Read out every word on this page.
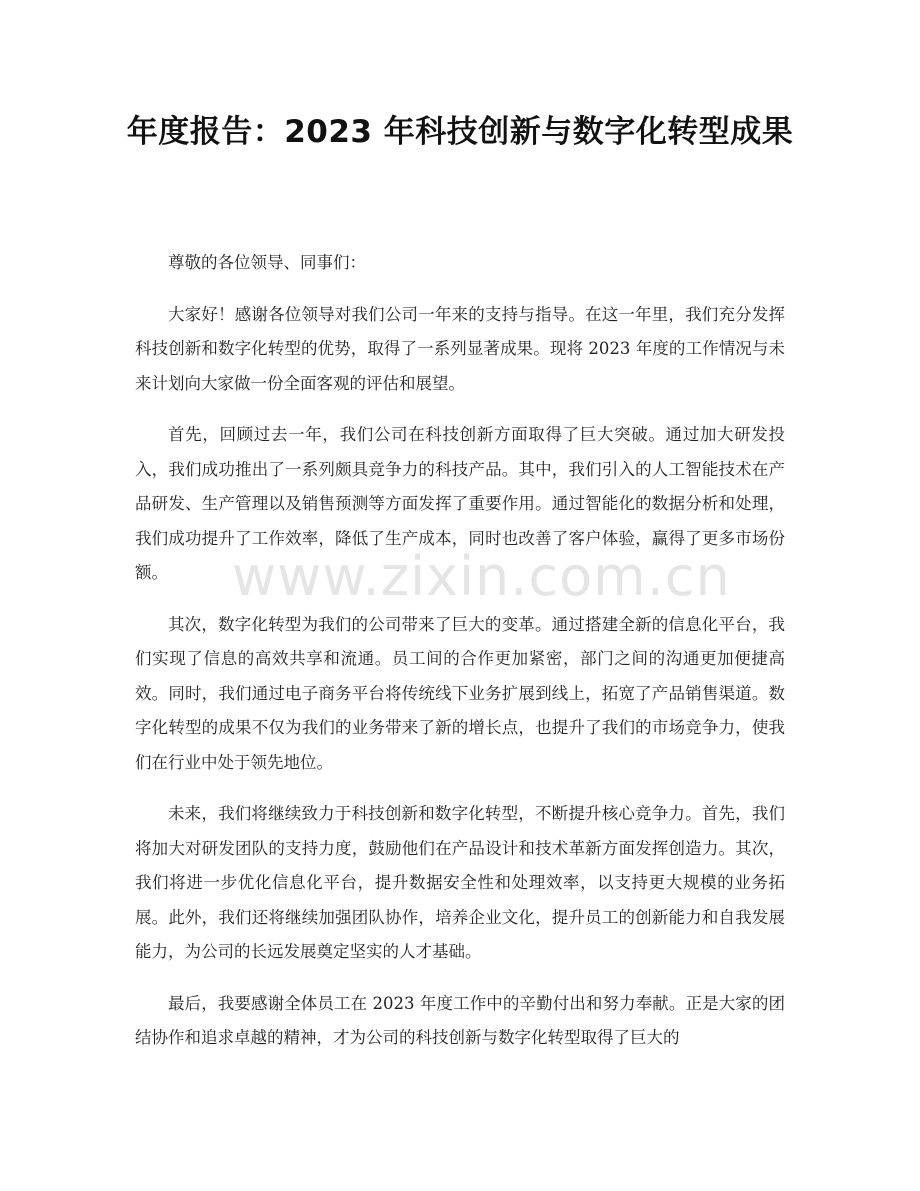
年度报告：2023 年科技创新与数字化转型成果

尊敬的各位领导、同事们：

大家好！感谢各位领导对我们公司一年来的支持与指导。在这一年里，我们充分发挥科技创新和数字化转型的优势，取得了一系列显著成果。现将 2023 年度的工作情况与未来计划向大家做一份全面客观的评估和展望。

首先，回顾过去一年，我们公司在科技创新方面取得了巨大突破。通过加大研发投入，我们成功推出了一系列颇具竞争力的科技产品。其中，我们引入的人工智能技术在产品研发、生产管理以及销售预测等方面发挥了重要作用。通过智能化的数据分析和处理，我们成功提升了工作效率，降低了生产成本，同时也改善了客户体验，赢得了更多市场份额。

其次，数字化转型为我们的公司带来了巨大的变革。通过搭建全新的信息化平台，我们实现了信息的高效共享和流通。员工间的合作更加紧密，部门之间的沟通更加便捷高效。同时，我们通过电子商务平台将传统线下业务扩展到线上，拓宽了产品销售渠道。数字化转型的成果不仅为我们的业务带来了新的增长点，也提升了我们的市场竞争力，使我们在行业中处于领先地位。

未来，我们将继续致力于科技创新和数字化转型，不断提升核心竞争力。首先，我们将加大对研发团队的支持力度，鼓励他们在产品设计和技术革新方面发挥创造力。其次，我们将进一步优化信息化平台，提升数据安全性和处理效率，以支持更大规模的业务拓展。此外，我们还将继续加强团队协作，培养企业文化，提升员工的创新能力和自我发展能力，为公司的长远发展奠定坚实的人才基础。

最后，我要感谢全体员工在 2023 年度工作中的辛勤付出和努力奉献。正是大家的团结协作和追求卓越的精神，才为公司的科技创新与数字化转型取得了巨大的

www.zixin.com.cn
